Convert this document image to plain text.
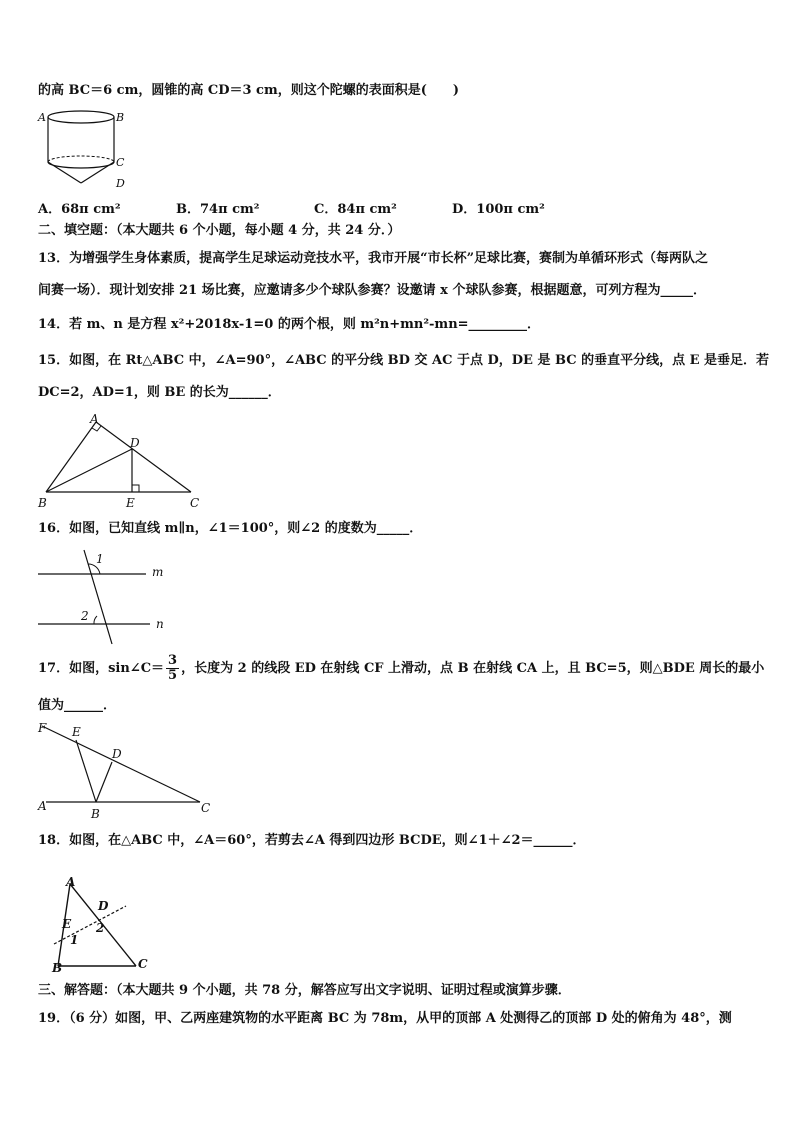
的高 BC＝6 cm，圆锥的高 CD＝3 cm，则这个陀螺的表面积是(　　)
A	B
C
D
A．68π cm²	B．74π cm²	C．84π cm²	D．100π cm²
二、填空题：（本大题共 6 个小题，每小题 4 分，共 24 分．）
13．为增强学生身体素质，提高学生足球运动竞技水平，我市开展“市长杯”足球比赛，赛制为单循环形式（每两队之
间赛一场）．现计划安排 21 场比赛，应邀请多少个球队参赛？设邀请 x 个球队参赛，根据题意，可列方程为_____．
14．若 m、n 是方程 x²+2018x-1=0 的两个根，则 m²n+mn²-mn=_________．
15．如图，在 Rt△ABC 中，∠A=90°，∠ABC 的平分线 BD 交 AC 于点 D，DE 是 BC 的垂直平分线，点 E 是垂足．若
DC=2，AD=1，则 BE 的长为______．
A
D
B	E	C
16．如图，已知直线 m∥n，∠1＝100°，则∠2 的度数为_____．
1
2
m
n
17．如图，sin∠C＝ $\frac{3}{5}$ ，长度为 2 的线段 ED 在射线 CF 上滑动，点 B 在射线 CA 上，且 BC=5，则△BDE 周长的最小
值为______．
F E
D
A
B	C
18．如图，在△ABC 中，∠A＝60°，若剪去∠A 得到四边形 BCDE，则∠1＋∠2＝______．
A
D
E
1
2
B	C
三、解答题：（本大题共 9 个小题，共 78 分，解答应写出文字说明、证明过程或演算步骤．
19．（6 分）如图，甲、乙两座建筑物的水平距离 BC 为 78m，从甲的顶部 A 处测得乙的顶部 D 处的俯角为 48°，测
